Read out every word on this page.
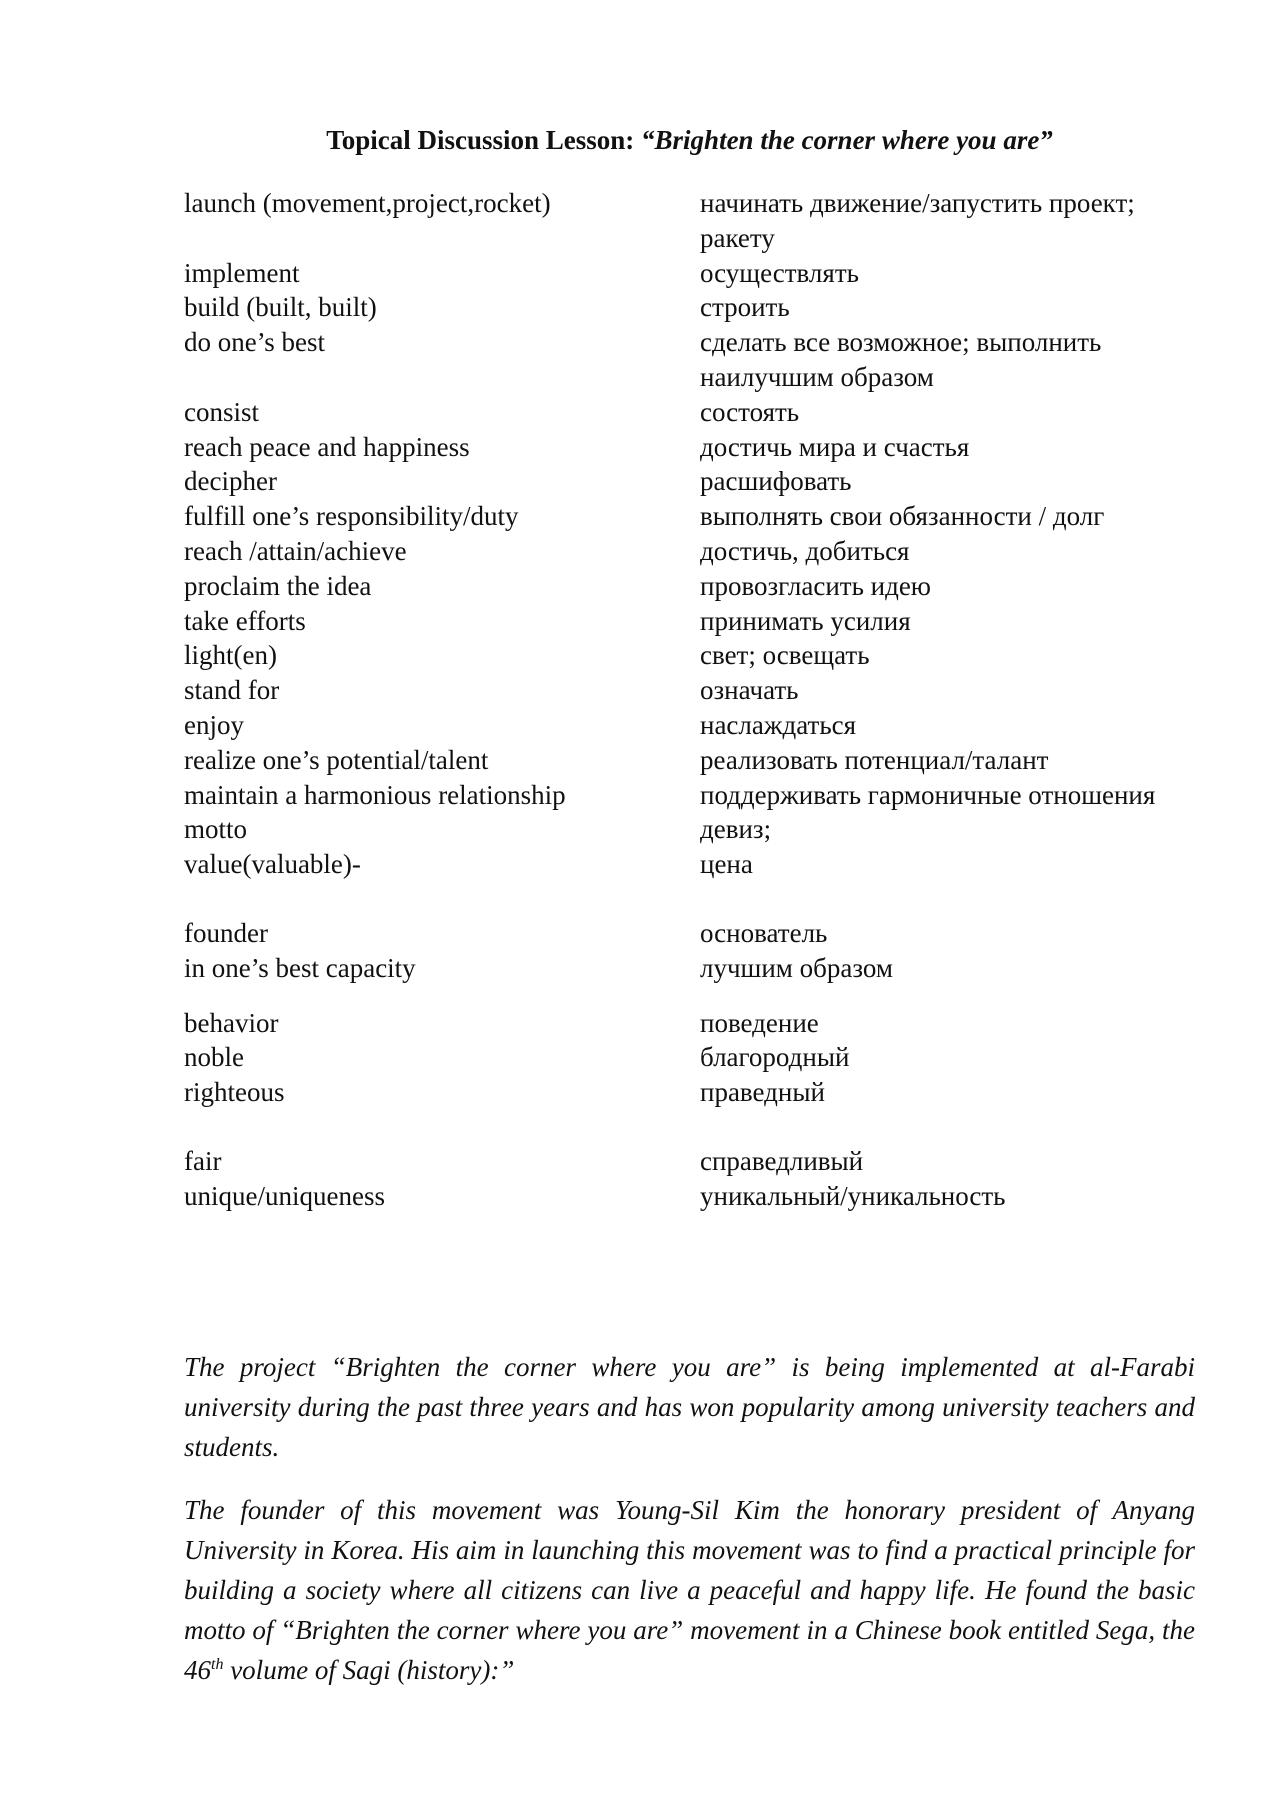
Topical Discussion Lesson: “Brighten the corner where you are”
launch (movement,project,rocket)	начинать движение/запустить проект; ракету
implement	осуществлять
build (built, built)	строить
do one’s best	сделать все возможное; выполнить наилучшим образом
consist	состоять
reach peace and happiness	достичь мира и счастья
decipher	расшифовать
fulfill one’s responsibility/duty	выполнять свои обязанности / долг
reach /attain/achieve	достичь, добиться
proclaim the idea	провозгласить идею
take efforts	принимать усилия
light(en)	свет; освещать
stand for	означать
enjoy	наслаждаться
realize one’s potential/talent	реализовать потенциал/талант
maintain a harmonious relationship	поддерживать гармоничные отношения
motto	девиз;
value(valuable)-	цена
founder	основатель
in one’s best capacity	лучшим образом
behavior	поведение
noble	благородный
righteous	праведный
fair	справедливый
unique/uniqueness	уникальный/уникальность

The project “Brighten the corner where you are” is being implemented at al-Farabi university during the past three years and has won popularity among university teachers and students.

The founder of this movement was Young-Sil Kim the honorary president of Anyang University in Korea. His aim in launching this movement was to find a practical principle for building a society where all citizens can live a peaceful and happy life. He found the basic motto of “Brighten the corner where you are” movement in a Chinese book entitled Sega, the 46th volume of Sagi (history):”
